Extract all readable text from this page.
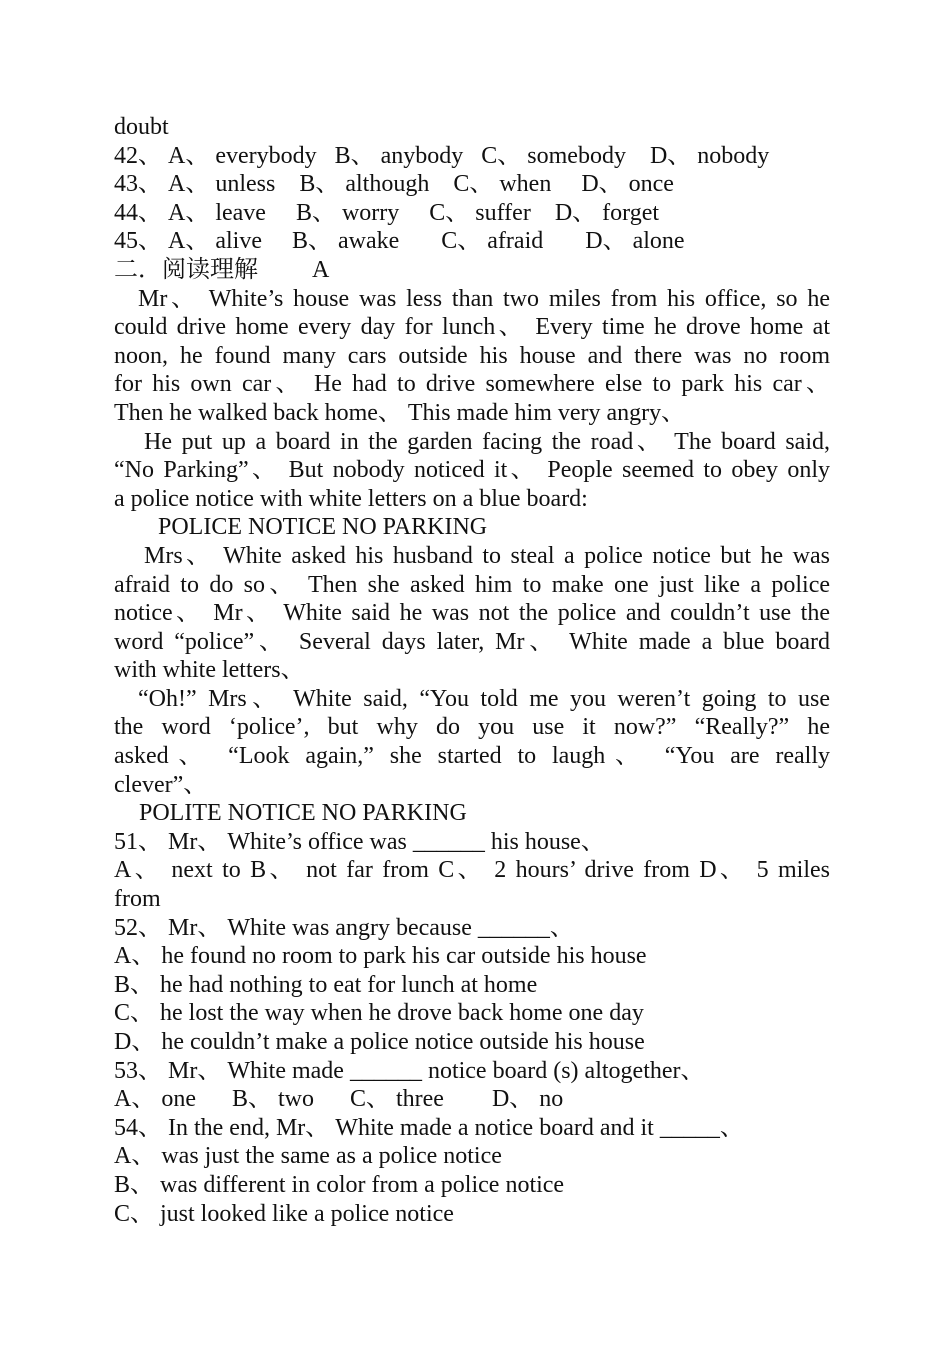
doubt
42、 A、 everybody   B、 anybody   C、 somebody    D、 nobody
43、 A、 unless    B、 although    C、 when     D、 once
44、 A、 leave     B、 worry     C、 suffer    D、 forget
45、 A、 alive     B、 awake       C、 afraid       D、 alone
二．阅读理解         A
Mr、 White’s house was less than two miles from his office, so he
could drive home every day for lunch、 Every time he drove home at
noon, he found many cars outside his house and there was no room
for his own car、 He had to drive somewhere else to park his car、
Then he walked back home、 This made him very angry、
He put up a board in the garden facing the road、 The board said,
“No Parking”、 But nobody noticed it、 People seemed to obey only
a police notice with white letters on a blue board:
POLICE NOTICE NO PARKING
Mrs、 White asked his husband to steal a police notice but he was
afraid to do so、 Then she asked him to make one just like a police
notice、 Mr、 White said he was not the police and couldn’t use the
word “police”、 Several days later, Mr、 White made a blue board
with white letters、
“Oh!” Mrs、 White said, “You told me you weren’t going to use
the word ‘police’, but why do you use it now?” “Really?” he
asked、 “Look again,” she started to laugh、 “You are really
clever”、
POLITE NOTICE NO PARKING
51、 Mr、 White’s office was ______ his house、
A、 next to B、 not far from C、 2 hours’ drive from D、 5 miles
from
52、 Mr、 White was angry because ______、
A、 he found no room to park his car outside his house
B、 he had nothing to eat for lunch at home
C、 he lost the way when he drove back home one day
D、 he couldn’t make a police notice outside his house
53、 Mr、 White made ______ notice board (s) altogether、
A、 one      B、 two      C、 three        D、 no
54、 In the end, Mr、 White made a notice board and it _____、
A、 was just the same as a police notice
B、 was different in color from a police notice
C、 just looked like a police notice
